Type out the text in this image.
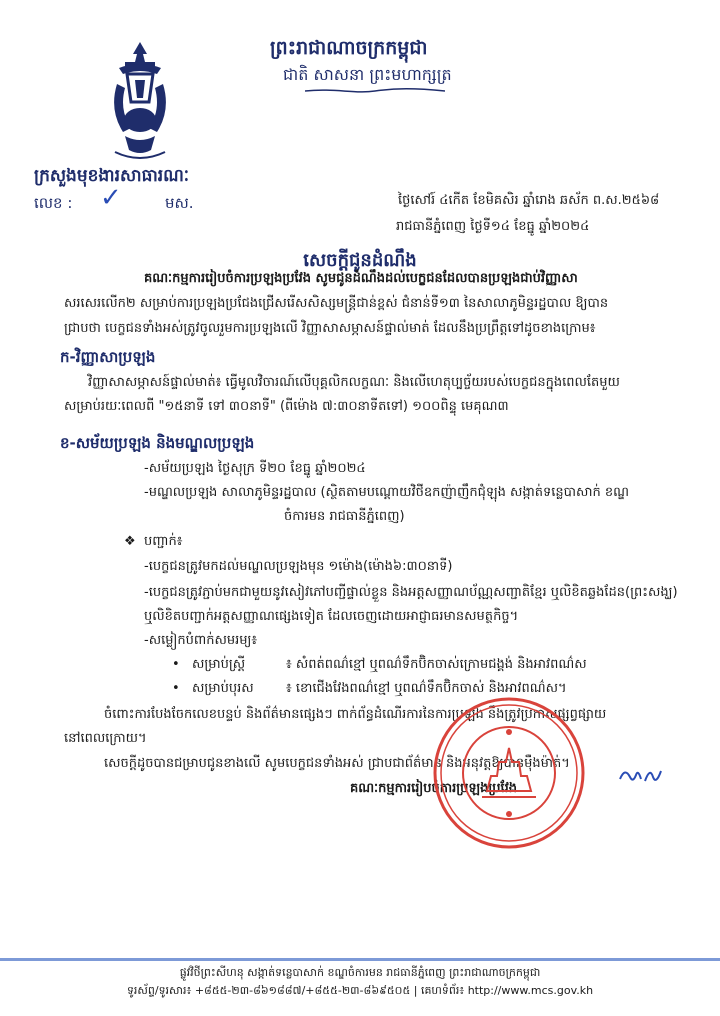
ព្រះរាជាណាចក្រកម្ពុជា
ជាតិ សាសនា ព្រះមហាក្សត្រ
ក្រសួងមុខងារសាធារណៈ
លេខ : ✓	មស.	ថ្ងៃសៅរ៍ ៤កើត ខែមិគសិរ ឆ្នាំរោង ឆស័ក ព.ស.២៥៦៨
រាជធានីភ្នំពេញ ថ្ងៃទី១៤ ខែធ្នូ ឆ្នាំ២០២៤
សេចក្តីជូនដំណឹង
គណៈកម្មការរៀបចំការប្រឡងប្រវែង សូមជូនដំណឹងដល់បេក្ខជនដែលបានប្រឡងជាប់វិញ្ញាសា
សរសេរលើក២ សម្រាប់ការប្រឡងប្រជែងជ្រើសរើសសិស្សមន្ត្រីជាន់ខ្ពស់ ជំនាន់ទី១៣ នៃសាលាភូមិន្ទរដ្ឋបាល ឱ្យបាន
ជ្រាបថា បេក្ខជនទាំងអស់ត្រូវចូលរួមការប្រឡងលើ វិញ្ញាសាសម្ភាសន៍ផ្ទាល់មាត់ ដែលនឹងប្រព្រឹត្តទៅដូចខាងក្រោម៖
ក-វិញ្ញាសាប្រឡង
វិញ្ញាសាសម្ភាសន៍ផ្ទាល់មាត់៖ ធ្វើមូលវិចារណ៍លើបុគ្គលិកលក្ខណៈ និងលើហេតុប្បច្ច័យរបស់បេក្ខជនក្នុងពេលតែមួយ
សម្រាប់រយៈពេលពី "១៥នាទី ទៅ ៣០នាទី" (ពីម៉ោង ៧:៣០នាទីតទៅ) ១០០ពិន្ទុ មេគុណ៣
ខ-សម័យប្រឡង និងមណ្ឌលប្រឡង
-សម័យប្រឡង ថ្ងៃសុក្រ ទី២០ ខែធ្នូ ឆ្នាំ២០២៤
-មណ្ឌលប្រឡង សាលាភូមិន្ទរដ្ឋបាល (ស្ថិតតាមបណ្តោយវិថីឧកញ៉ាញឹកជុំឡុង សង្កាត់ទន្លេបាសាក់ ខណ្ឌ
ចំការមន រាជធានីភ្នំពេញ)
❖ បញ្ជាក់៖
-បេក្ខជនត្រូវមកដល់មណ្ឌលប្រឡងមុន ១ម៉ោង(ម៉ោង៦:៣០នាទី)
-បេក្ខជនត្រូវភ្ជាប់មកជាមួយនូវសៀវភៅបញ្ជីផ្ទាល់ខ្លួន និងអត្តសញ្ញាណប័ណ្ណសញ្ជាតិខ្មែរ ឬលិខិតឆ្លងដែន(ព្រះសង្ឃ)
ឬលិខិតបញ្ជាក់អត្តសញ្ញាណផ្សេងទៀត ដែលចេញដោយអាជ្ញាធរមានសមត្ថកិច្ច។
-សម្លៀកបំពាក់សមរម្យ៖
• សម្រាប់ស្ត្រី	៖ សំពត់ពណ៌ខ្មៅ ឬពណ៌ទឹកប៊ិកចាស់ក្រោមជង្គង់ និងអាវពណ៌ស
• សម្រាប់បុរស ៖ ខោជើងវែងពណ៌ខ្មៅ ឬពណ៌ទឹកប៊ិកចាស់ និងអាវពណ៌ស។
ចំពោះការបែងចែកលេខបន្ទប់ និងព័ត៌មានផ្សេងៗ ពាក់ព័ន្ធដំណើរការនៃការប្រឡង នឹងត្រូវប្រកាសផ្សព្វផ្សាយ
នៅពេលក្រោយ។
សេចក្តីដូចបានជម្រាបជូនខាងលើ សូមបេក្ខជនទាំងអស់ ជ្រាបជាព័ត៌មាន និងអនុវត្តឱ្យបានម៉ឺងម៉ាត់។
គណៈកម្មការរៀបចំការប្រឡងប្រវែង
ផ្លូវវិថីព្រះសីហនុ សង្កាត់ទន្លេបាសាក់ ខណ្ឌចំការមន រាជធានីភ្នំពេញ ព្រះរាជាណាចក្រកម្ពុជា
ទូរស័ព្ទ/ទូរសារ៖ +៨៥៥-២៣-៨៦១៨៨៧/+៨៥៥-២៣-៨៦៩៥០៥ | គេហទំព័រ៖ http://www.mcs.gov.kh
